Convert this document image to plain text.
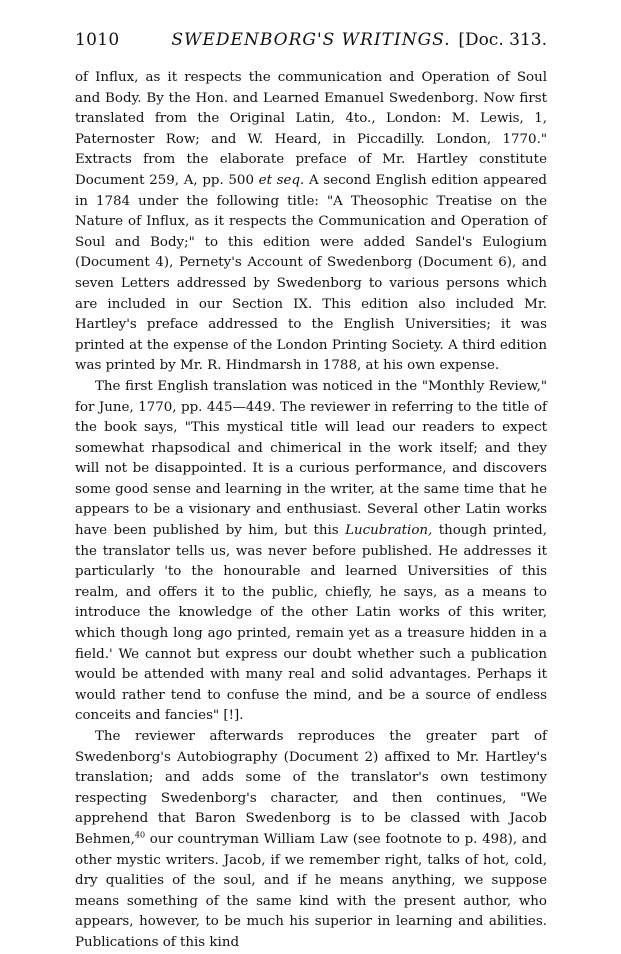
1010	SWEDENBORG'S WRITINGS. [Doc. 313.

of Influx, as it respects the communication and Operation of Soul and Body. By the Hon. and Learned Emanuel Swedenborg. Now first translated from the Original Latin, 4to., London: M. Lewis, 1, Paternoster Row; and W. Heard, in Piccadilly. London, 1770." Extracts from the elaborate preface of Mr. Hartley constitute Document 259, A, pp. 500 et seq. A second English edition appeared in 1784 under the following title: "A Theosophic Treatise on the Nature of Influx, as it respects the Communication and Operation of Soul and Body;" to this edition were added Sandel's Eulogium (Document 4), Pernety's Account of Swedenborg (Document 6), and seven Letters addressed by Swedenborg to various persons which are included in our Section IX. This edition also included Mr. Hartley's preface addressed to the English Universities; it was printed at the expense of the London Printing Society. A third edition was printed by Mr. R. Hindmarsh in 1788, at his own expense.

The first English translation was noticed in the "Monthly Review," for June, 1770, pp. 445—449. The reviewer in referring to the title of the book says, "This mystical title will lead our readers to expect somewhat rhapsodical and chimerical in the work itself; and they will not be disappointed. It is a curious performance, and discovers some good sense and learning in the writer, at the same time that he appears to be a visionary and enthusiast. Several other Latin works have been published by him, but this Lucubration, though printed, the translator tells us, was never before published. He addresses it particularly 'to the honourable and learned Universities of this realm, and offers it to the public, chiefly, he says, as a means to introduce the knowledge of the other Latin works of this writer, which though long ago printed, remain yet as a treasure hidden in a field.' We cannot but express our doubt whether such a publication would be attended with many real and solid advantages. Perhaps it would rather tend to confuse the mind, and be a source of endless conceits and fancies" [!].

The reviewer afterwards reproduces the greater part of Swedenborg's Autobiography (Document 2) affixed to Mr. Hartley's translation; and adds some of the translator's own testimony respecting Swedenborg's character, and then continues, "We apprehend that Baron Swedenborg is to be classed with Jacob Behmen,$^{40}$ our countryman William Law (see footnote to p. 498), and other mystic writers. Jacob, if we remember right, talks of hot, cold, dry qualities of the soul, and if he means anything, we suppose means something of the same kind with the present author, who appears, however, to be much his superior in learning and abilities. Publications of this kind
